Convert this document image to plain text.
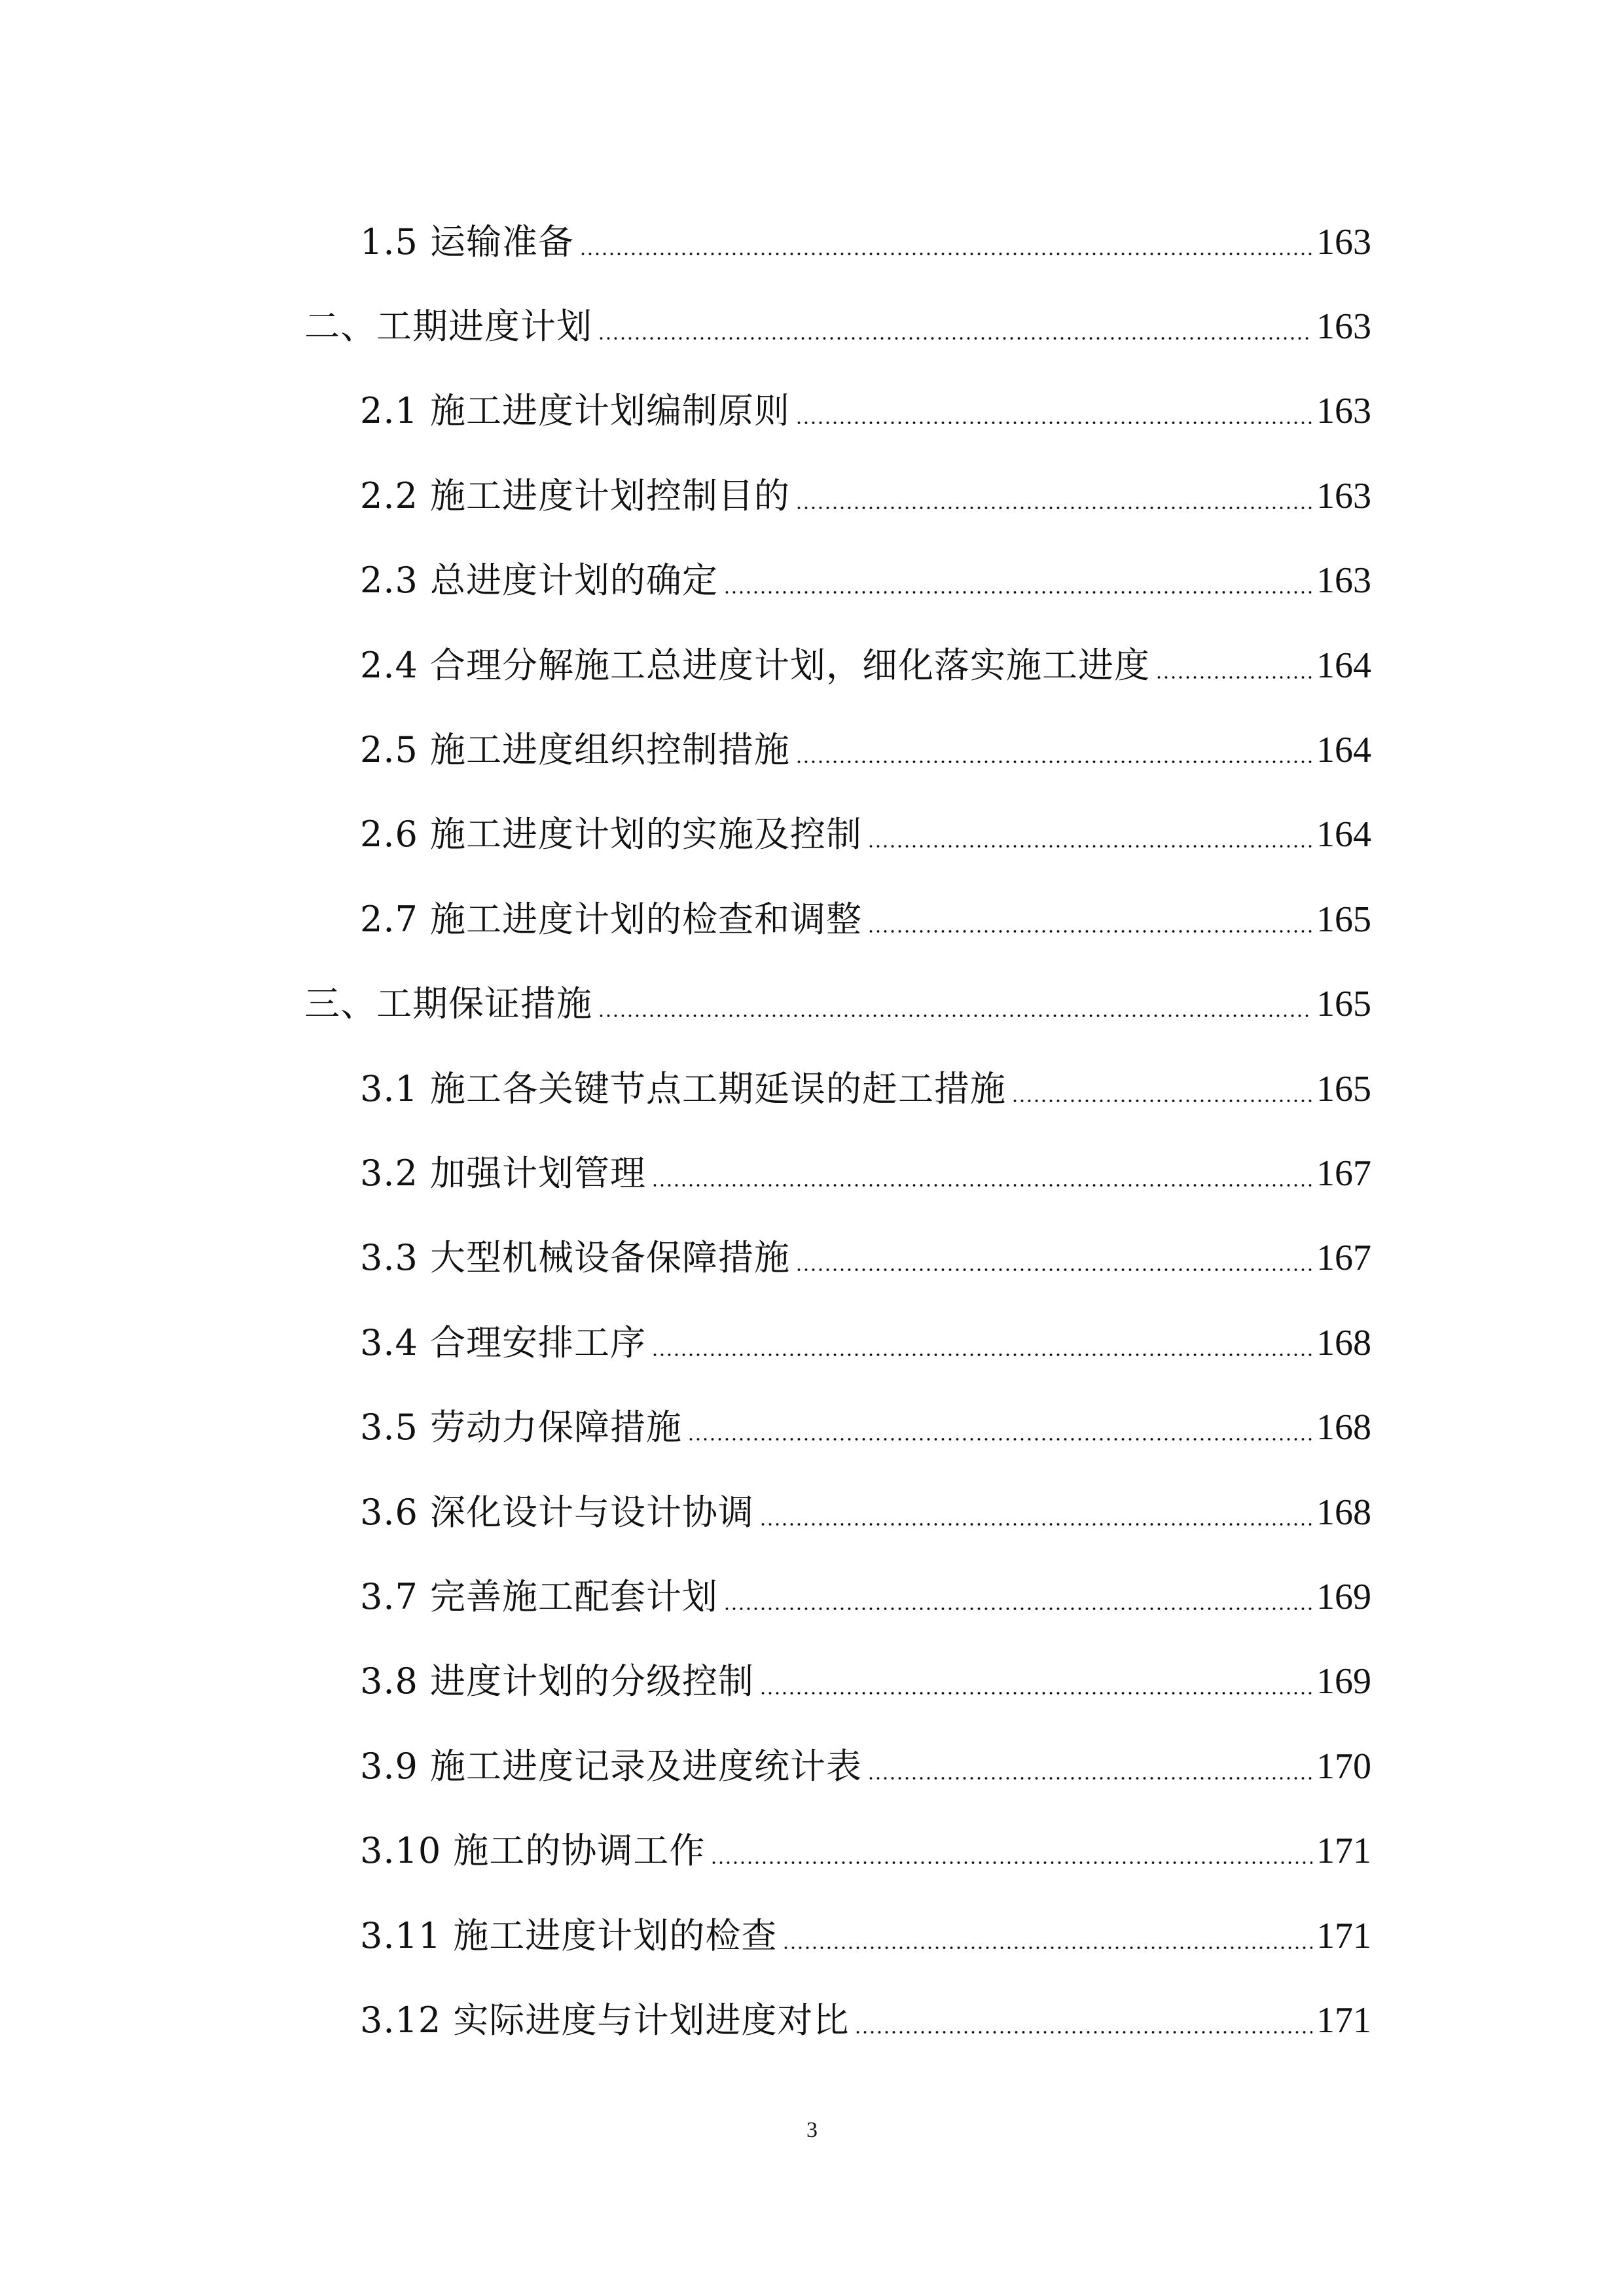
1.5 运输准备	163
二、工期进度计划	163
2.1 施工进度计划编制原则	163
2.2 施工进度计划控制目的	163
2.3 总进度计划的确定	163
2.4 合理分解施工总进度计划，细化落实施工进度	164
2.5 施工进度组织控制措施	164
2.6 施工进度计划的实施及控制	164
2.7 施工进度计划的检查和调整	165
三、工期保证措施	165
3.1 施工各关键节点工期延误的赶工措施	165
3.2 加强计划管理	167
3.3 大型机械设备保障措施	167
3.4 合理安排工序	168
3.5 劳动力保障措施	168
3.6 深化设计与设计协调	168
3.7 完善施工配套计划	169
3.8 进度计划的分级控制	169
3.9 施工进度记录及进度统计表	170
3.10 施工的协调工作	171
3.11 施工进度计划的检查	171
3.12 实际进度与计划进度对比	171
3
